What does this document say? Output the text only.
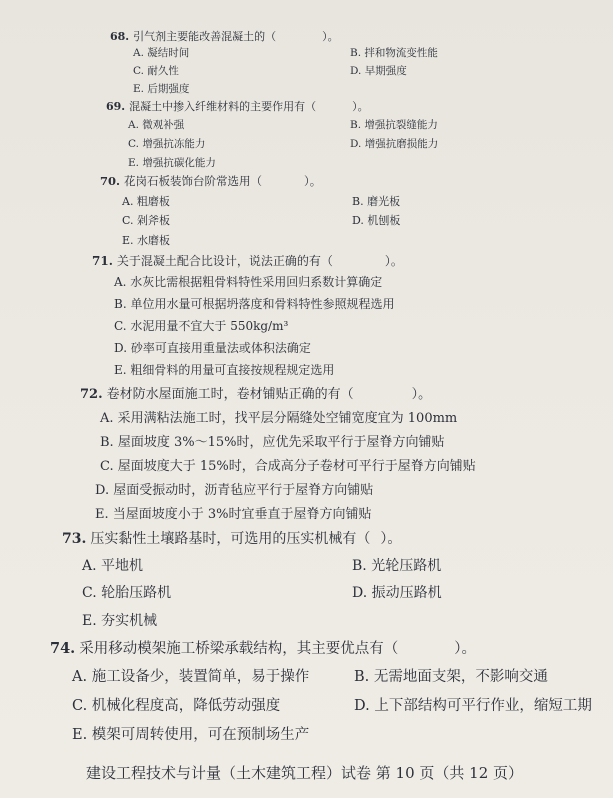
68. 引气剂主要能改善混凝土的（	）。
A. 凝结时间	B. 拌和物流变性能
C. 耐久性	D. 早期强度
E. 后期强度
69. 混凝土中掺入纤维材料的主要作用有（	）。
A. 微观补强	B. 增强抗裂缝能力
C. 增强抗冻能力	D. 增强抗磨损能力
E. 增强抗碳化能力
70. 花岗石板装饰台阶常选用（	）。
A. 粗磨板	B. 磨光板
C. 剁斧板	D. 机刨板
E. 水磨板
71. 关于混凝土配合比设计，说法正确的有（	）。
A. 水灰比需根据粗骨料特性采用回归系数计算确定
B. 单位用水量可根据坍落度和骨料特性参照规程选用
C. 水泥用量不宜大于 550kg/m³
D. 砂率可直接用重量法或体积法确定
E. 粗细骨料的用量可直接按规程规定选用
72. 卷材防水屋面施工时，卷材铺贴正确的有（	）。
A. 采用满粘法施工时，找平层分隔缝处空铺宽度宜为 100mm
B. 屋面坡度 3%～15%时，应优先采取平行于屋脊方向铺贴
C. 屋面坡度大于 15%时，合成高分子卷材可平行于屋脊方向铺贴
D. 屋面受振动时，沥青毡应平行于屋脊方向铺贴
E. 当屋面坡度小于 3%时宜垂直于屋脊方向铺贴
73. 压实黏性土壤路基时，可选用的压实机械有（ ）。
A. 平地机	B. 光轮压路机
C. 轮胎压路机	D. 振动压路机
E. 夯实机械
74. 采用移动模架施工桥梁承载结构，其主要优点有（	）。
A. 施工设备少，装置简单，易于操作	B. 无需地面支架，不影响交通
C. 机械化程度高，降低劳动强度	D. 上下部结构可平行作业，缩短工期
E. 模架可周转使用，可在预制场生产
建设工程技术与计量（土木建筑工程）试卷 第 10 页（共 12 页）
